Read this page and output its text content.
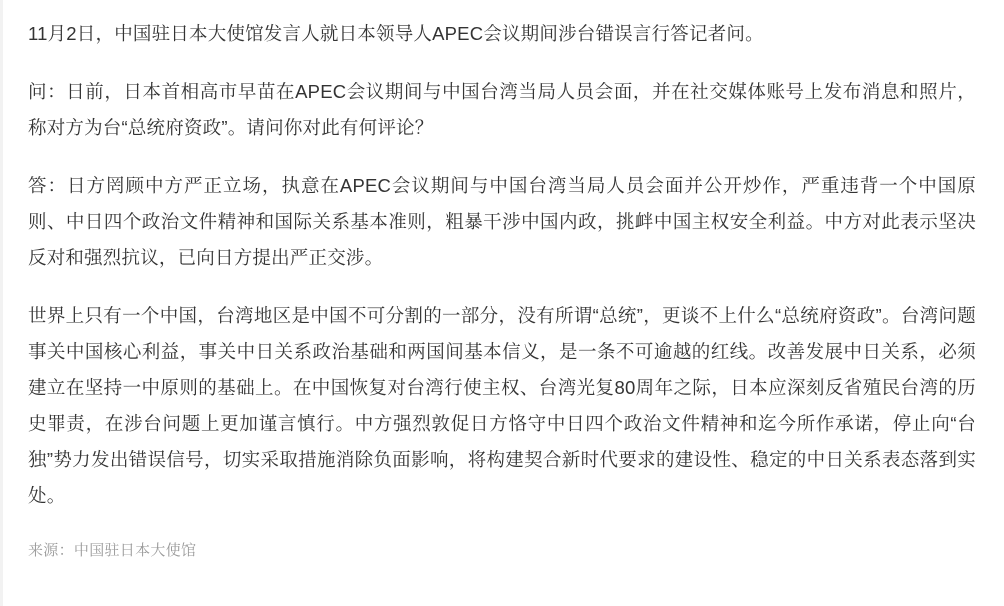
11月2日，中国驻日本大使馆发言人就日本领导人APEC会议期间涉台错误言行答记者问。

问：日前，日本首相高市早苗在APEC会议期间与中国台湾当局人员会面，并在社交媒体账号上发布消息和照片，称对方为台“总统府资政”。请问你对此有何评论？

答：日方罔顾中方严正立场，执意在APEC会议期间与中国台湾当局人员会面并公开炒作，严重违背一个中国原则、中日四个政治文件精神和国际关系基本准则，粗暴干涉中国内政，挑衅中国主权安全利益。中方对此表示坚决反对和强烈抗议，已向日方提出严正交涉。

世界上只有一个中国，台湾地区是中国不可分割的一部分，没有所谓“总统”，更谈不上什么“总统府资政”。台湾问题事关中国核心利益，事关中日关系政治基础和两国间基本信义，是一条不可逾越的红线。改善发展中日关系，必须建立在坚持一中原则的基础上。在中国恢复对台湾行使主权、台湾光复80周年之际，日本应深刻反省殖民台湾的历史罪责，在涉台问题上更加谨言慎行。中方强烈敦促日方恪守中日四个政治文件精神和迄今所作承诺，停止向“台独”势力发出错误信号，切实采取措施消除负面影响，将构建契合新时代要求的建设性、稳定的中日关系表态落到实处。

来源：中国驻日本大使馆
